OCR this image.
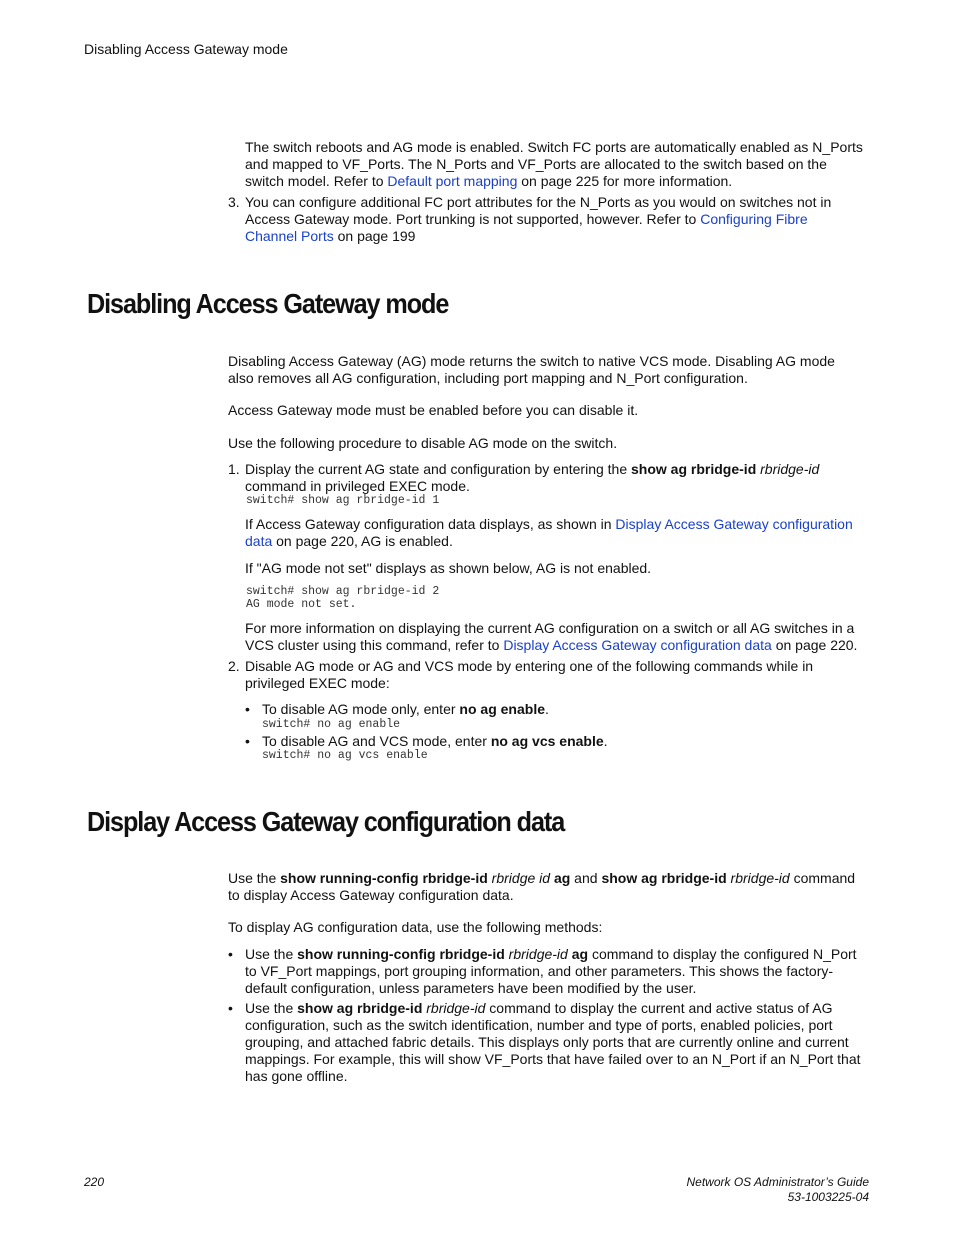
Disabling Access Gateway mode
The switch reboots and AG mode is enabled. Switch FC ports are automatically enabled as N_Ports
and mapped to VF_Ports. The N_Ports and VF_Ports are allocated to the switch based on the
switch model. Refer to Default port mapping on page 225 for more information.
3. You can configure additional FC port attributes for the N_Ports as you would on switches not in
Access Gateway mode. Port trunking is not supported, however. Refer to Configuring Fibre
Channel Ports on page 199
Disabling Access Gateway mode
Disabling Access Gateway (AG) mode returns the switch to native VCS mode. Disabling AG mode
also removes all AG configuration, including port mapping and N_Port configuration.
Access Gateway mode must be enabled before you can disable it.
Use the following procedure to disable AG mode on the switch.
1. Display the current AG state and configuration by entering the show ag rbridge-id rbridge-id
command in privileged EXEC mode.
switch# show ag rbridge-id 1
If Access Gateway configuration data displays, as shown in Display Access Gateway configuration
data on page 220, AG is enabled.
If "AG mode not set" displays as shown below, AG is not enabled.
switch# show ag rbridge-id 2
AG mode not set.
For more information on displaying the current AG configuration on a switch or all AG switches in a
VCS cluster using this command, refer to Display Access Gateway configuration data on page 220.
2. Disable AG mode or AG and VCS mode by entering one of the following commands while in
privileged EXEC mode:
• To disable AG mode only, enter no ag enable.
switch# no ag enable
• To disable AG and VCS mode, enter no ag vcs enable.
switch# no ag vcs enable
Display Access Gateway configuration data
Use the show running-config rbridge-id rbridge id ag and show ag rbridge-id rbridge-id command
to display Access Gateway configuration data.
To display AG configuration data, use the following methods:
• Use the show running-config rbridge-id rbridge-id ag command to display the configured N_Port
to VF_Port mappings, port grouping information, and other parameters. This shows the factory-
default configuration, unless parameters have been modified by the user.
• Use the show ag rbridge-id rbridge-id command to display the current and active status of AG
configuration, such as the switch identification, number and type of ports, enabled policies, port
grouping, and attached fabric details. This displays only ports that are currently online and current
mappings. For example, this will show VF_Ports that have failed over to an N_Port if an N_Port that
has gone offline.
220	Network OS Administrator’s Guide
53-1003225-04
